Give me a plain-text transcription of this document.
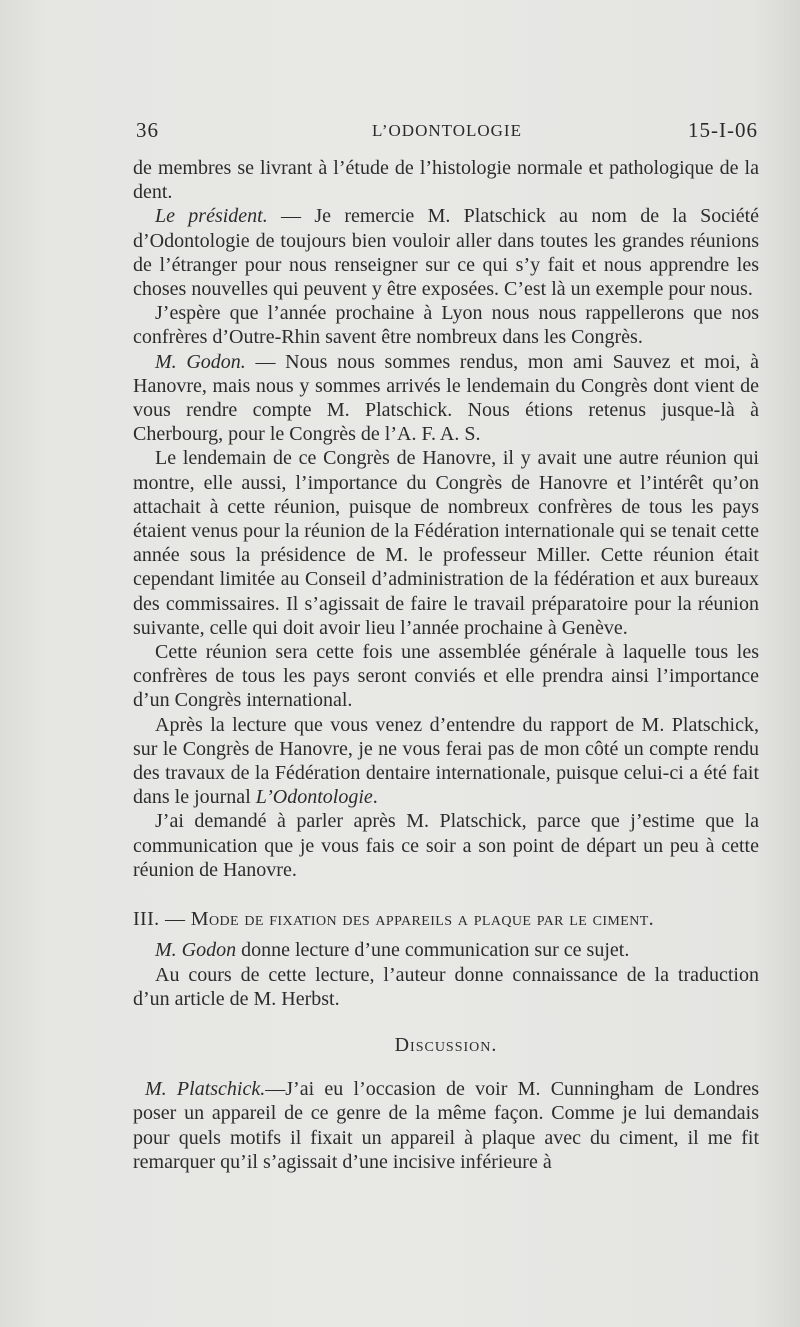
36	L’ODONTOLOGIE	15-I-06

de membres se livrant à l’étude de l’histologie normale et pathologique de la dent.

Le président. — Je remercie M. Platschick au nom de la Société d’Odontologie de toujours bien vouloir aller dans toutes les grandes réunions de l’étranger pour nous renseigner sur ce qui s’y fait et nous apprendre les choses nouvelles qui peuvent y être exposées. C’est là un exemple pour nous.

J’espère que l’année prochaine à Lyon nous nous rappellerons que nos confrères d’Outre-Rhin savent être nombreux dans les Congrès.

M. Godon. — Nous nous sommes rendus, mon ami Sauvez et moi, à Hanovre, mais nous y sommes arrivés le lendemain du Congrès dont vient de vous rendre compte M. Platschick. Nous étions retenus jusque-là à Cherbourg, pour le Congrès de l’A. F. A. S.

Le lendemain de ce Congrès de Hanovre, il y avait une autre réunion qui montre, elle aussi, l’importance du Congrès de Hanovre et l’intérêt qu’on attachait à cette réunion, puisque de nombreux confrères de tous les pays étaient venus pour la réunion de la Fédération internationale qui se tenait cette année sous la présidence de M. le professeur Miller. Cette réunion était cependant limitée au Conseil d’administration de la fédération et aux bureaux des commissaires. Il s’agissait de faire le travail préparatoire pour la réunion suivante, celle qui doit avoir lieu l’année prochaine à Genève.

Cette réunion sera cette fois une assemblée générale à laquelle tous les confrères de tous les pays seront conviés et elle prendra ainsi l’importance d’un Congrès international.

Après la lecture que vous venez d’entendre du rapport de M. Platschick, sur le Congrès de Hanovre, je ne vous ferai pas de mon côté un compte rendu des travaux de la Fédération dentaire internationale, puisque celui-ci a été fait dans le journal L’Odontologie.

J’ai demandé à parler après M. Platschick, parce que j’estime que la communication que je vous fais ce soir a son point de départ un peu à cette réunion de Hanovre.

III. — Mode de fixation des appareils a plaque par le ciment.

M. Godon donne lecture d’une communication sur ce sujet.

Au cours de cette lecture, l’auteur donne connaissance de la traduction d’un article de M. Herbst.

Discussion.

M. Platschick.—J’ai eu l’occasion de voir M. Cunningham de Londres poser un appareil de ce genre de la même façon. Comme je lui demandais pour quels motifs il fixait un appareil à plaque avec du ciment, il me fit remarquer qu’il s’agissait d’une incisive inférieure à
